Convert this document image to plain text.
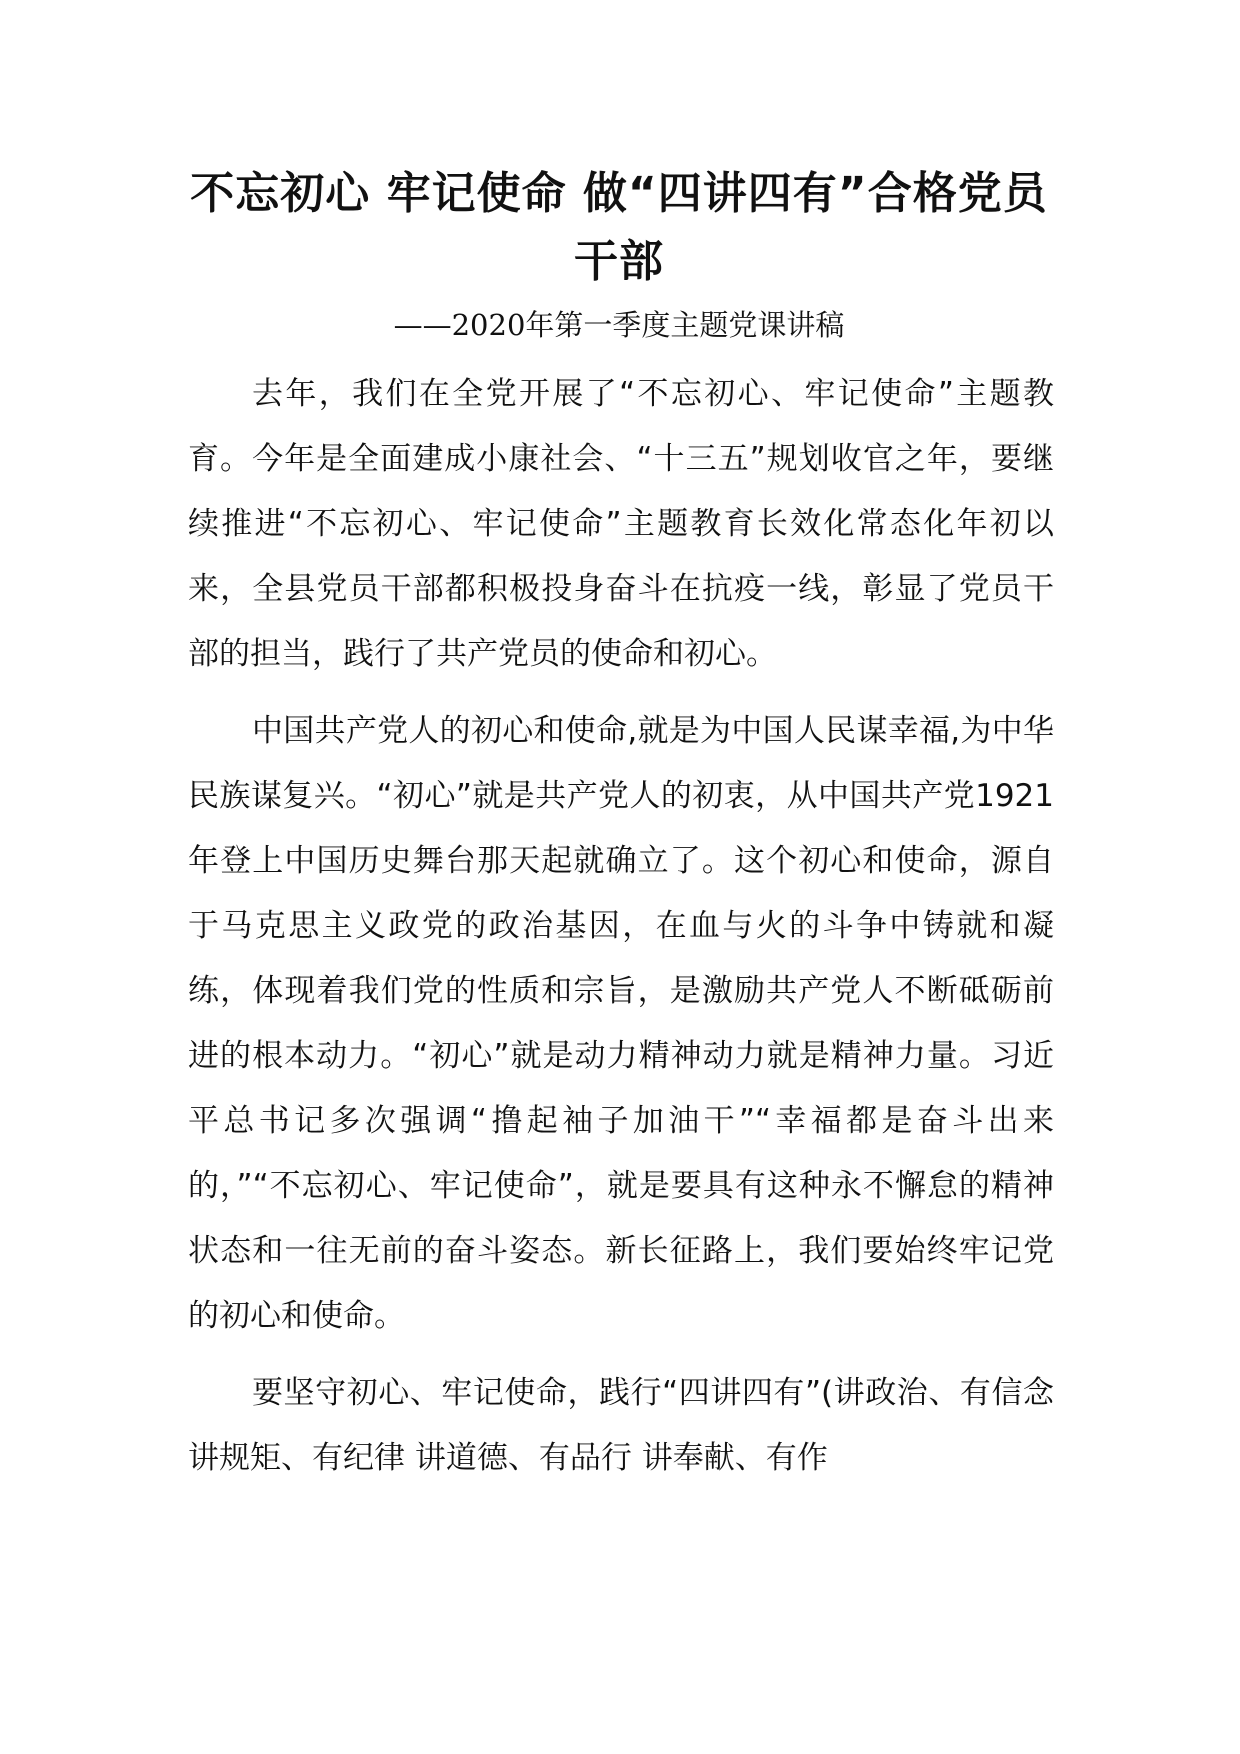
不忘初心 牢记使命 做“四讲四有”合格党员干部
——2020年第一季度主题党课讲稿

去年，我们在全党开展了“不忘初心、牢记使命”主题教育。今年是全面建成小康社会、“十三五”规划收官之年，要继续推进“不忘初心、牢记使命”主题教育长效化常态化年初以来，全县党员干部都积极投身奋斗在抗疫一线，彰显了党员干部的担当，践行了共产党员的使命和初心。

中国共产党人的初心和使命,就是为中国人民谋幸福,为中华民族谋复兴。“初心”就是共产党人的初衷，从中国共产党1921年登上中国历史舞台那天起就确立了。这个初心和使命，源自于马克思主义政党的政治基因，在血与火的斗争中铸就和凝练，体现着我们党的性质和宗旨，是激励共产党人不断砥砺前进的根本动力。“初心”就是动力精神动力就是精神力量。习近平总书记多次强调“撸起袖子加油干”“幸福都是奋斗出来的，”“不忘初心、牢记使命”，就是要具有这种永不懈怠的精神状态和一往无前的奋斗姿态。新长征路上，我们要始终牢记党的初心和使命。

要坚守初心、牢记使命，践行“四讲四有”(讲政治、有信念 讲规矩、有纪律 讲道德、有品行 讲奉献、有作
